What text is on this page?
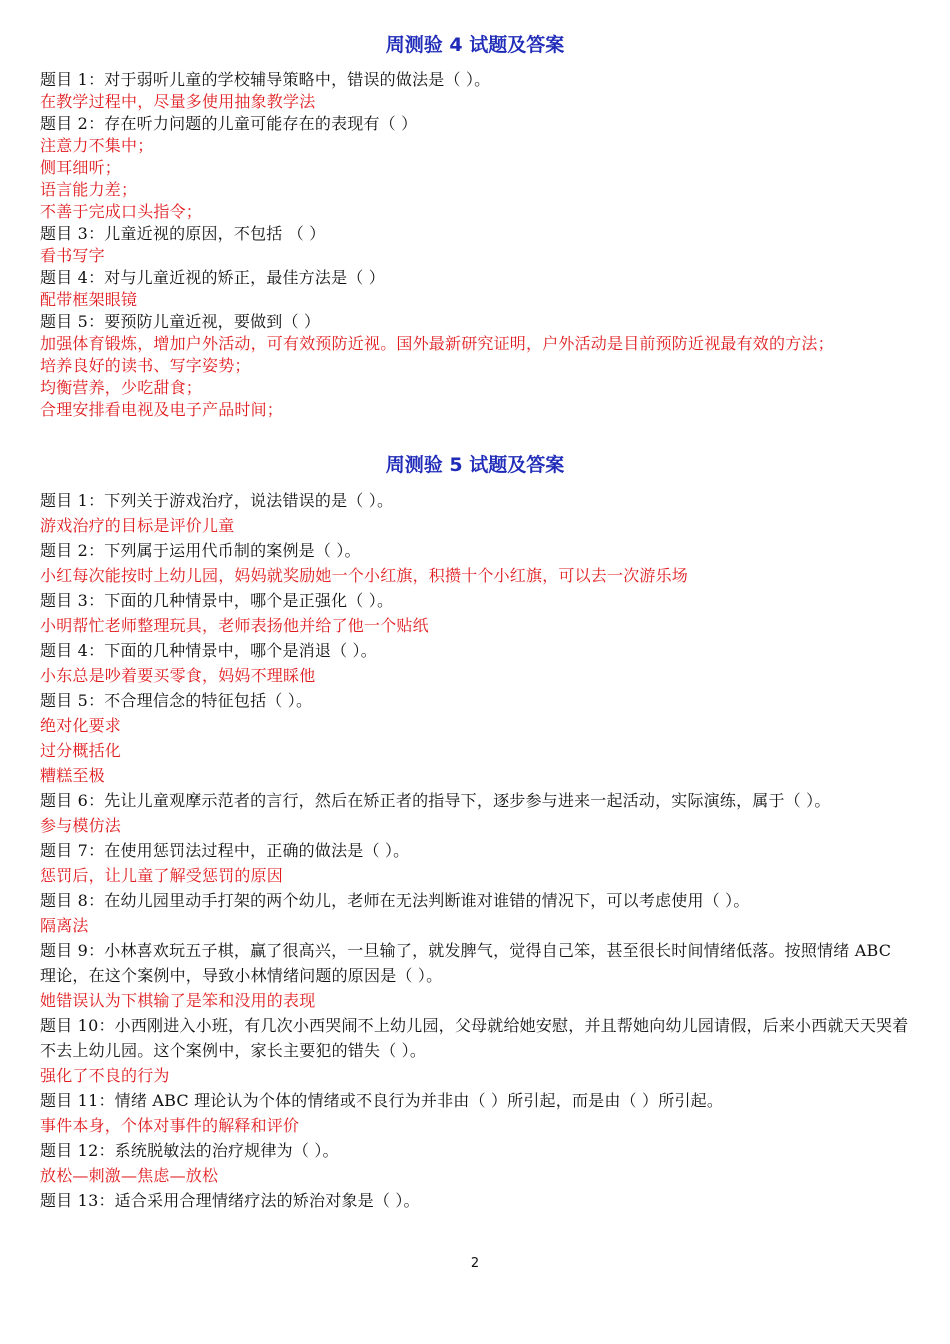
周测验 4 试题及答案
题目 1：对于弱听儿童的学校辅导策略中，错误的做法是（ ）。
在教学过程中，尽量多使用抽象教学法
题目 2：存在听力问题的儿童可能存在的表现有（ ）
注意力不集中；
侧耳细听；
语言能力差；
不善于完成口头指令；
题目 3：儿童近视的原因，不包括 （ ）
看书写字
题目 4：对与儿童近视的矫正，最佳方法是（ ）
配带框架眼镜
题目 5：要预防儿童近视，要做到（ ）
加强体育锻炼，增加户外活动，可有效预防近视。国外最新研究证明，户外活动是目前预防近视最有效的方法；
培养良好的读书、写字姿势；
均衡营养，少吃甜食；
合理安排看电视及电子产品时间；
周测验 5 试题及答案
题目 1：下列关于游戏治疗，说法错误的是（ ）。
游戏治疗的目标是评价儿童
题目 2：下列属于运用代币制的案例是（ ）。
小红每次能按时上幼儿园，妈妈就奖励她一个小红旗，积攒十个小红旗，可以去一次游乐场
题目 3：下面的几种情景中，哪个是正强化（ ）。
小明帮忙老师整理玩具，老师表扬他并给了他一个贴纸
题目 4：下面的几种情景中，哪个是消退（ ）。
小东总是吵着要买零食，妈妈不理睬他
题目 5：不合理信念的特征包括（ ）。
绝对化要求
过分概括化
糟糕至极
题目 6：先让儿童观摩示范者的言行，然后在矫正者的指导下，逐步参与进来一起活动，实际演练，属于（ ）。
参与模仿法
题目 7：在使用惩罚法过程中，正确的做法是（ ）。
惩罚后，让儿童了解受惩罚的原因
题目 8：在幼儿园里动手打架的两个幼儿，老师在无法判断谁对谁错的情况下，可以考虑使用（ ）。
隔离法
题目 9：小林喜欢玩五子棋，赢了很高兴，一旦输了，就发脾气，觉得自己笨，甚至很长时间情绪低落。按照情绪 ABC 理论，在这个案例中，导致小林情绪问题的原因是（ ）。
她错误认为下棋输了是笨和没用的表现
题目 10：小西刚进入小班，有几次小西哭闹不上幼儿园，父母就给她安慰，并且帮她向幼儿园请假，后来小西就天天哭着不去上幼儿园。这个案例中，家长主要犯的错失（ ）。
强化了不良的行为
题目 11：情绪 ABC 理论认为个体的情绪或不良行为并非由（ ）所引起，而是由（ ）所引起。
事件本身，个体对事件的解释和评价
题目 12：系统脱敏法的治疗规律为（ ）。
放松—刺激—焦虑—放松
题目 13：适合采用合理情绪疗法的矫治对象是（ ）。
2
